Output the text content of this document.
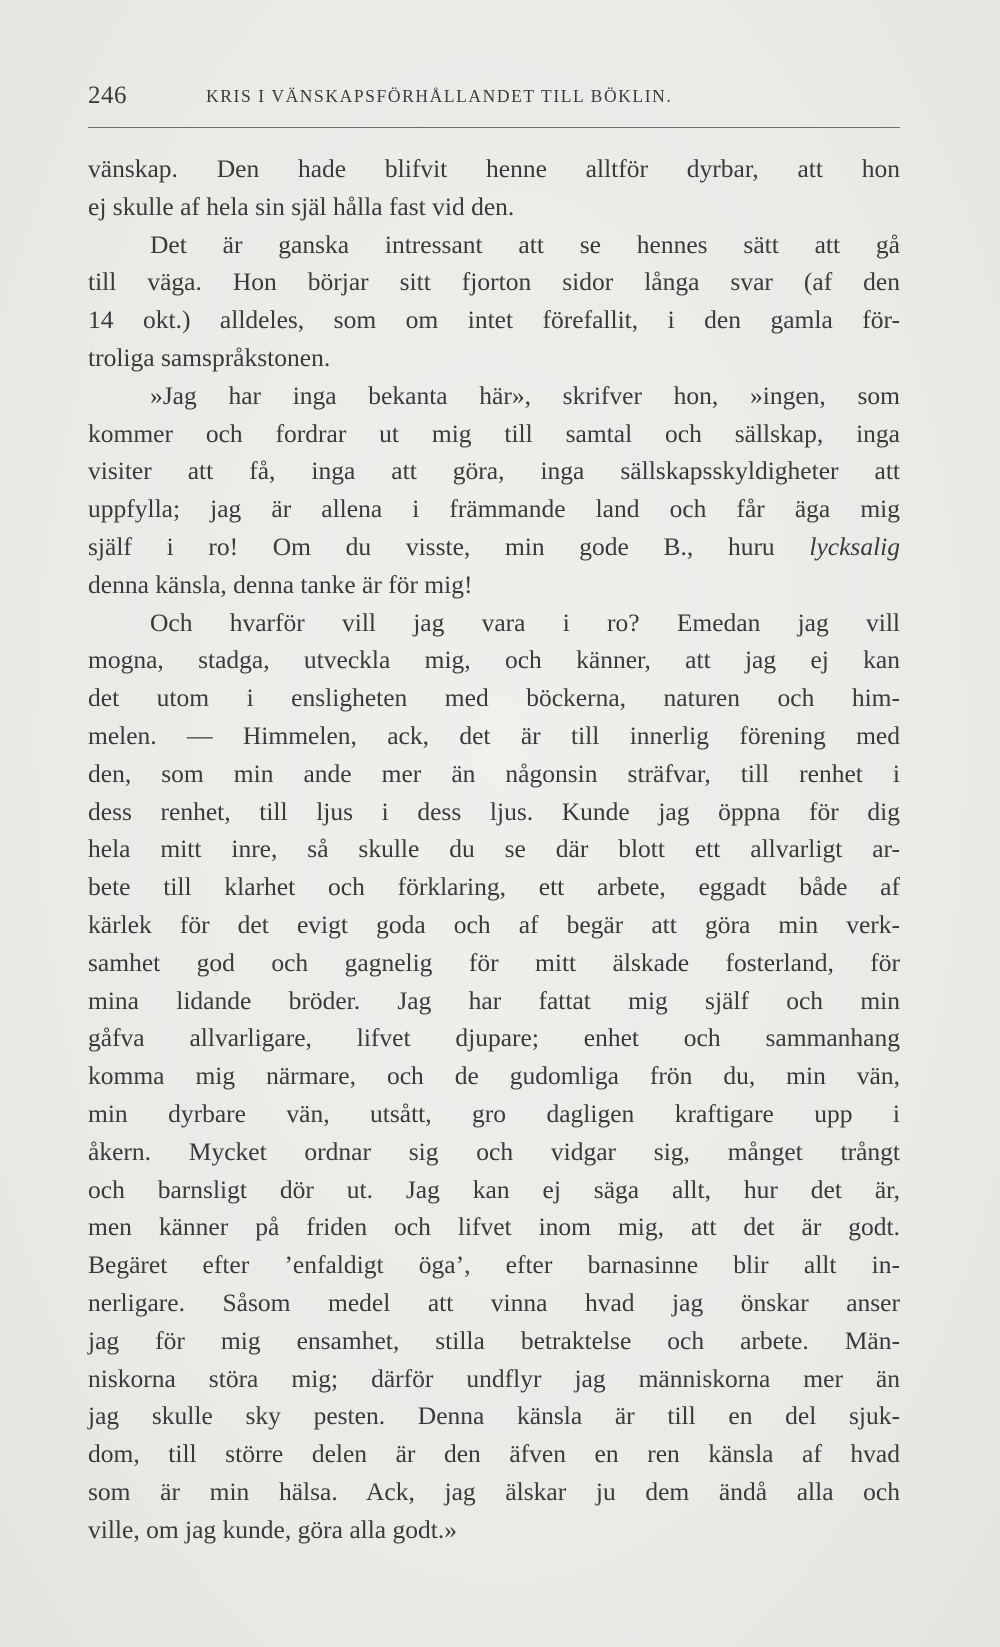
246	KRIS I VÄNSKAPSFÖRHÅLLANDET TILL BÖKLIN.
vänskap. Den hade blifvit henne alltför dyrbar, att hon
ej skulle af hela sin själ hålla fast vid den.
Det är ganska intressant att se hennes sätt att gå
till väga. Hon börjar sitt fjorton sidor långa svar (af den
14 okt.) alldeles, som om intet förefallit, i den gamla för-
troliga samspråkstonen.
»Jag har inga bekanta här», skrifver hon, »ingen, som
kommer och fordrar ut mig till samtal och sällskap, inga
visiter att få, inga att göra, inga sällskapsskyldigheter att
uppfylla; jag är allena i främmande land och får äga mig
själf i ro! Om du visste, min gode B., huru lycksalig
denna känsla, denna tanke är för mig!
Och hvarför vill jag vara i ro? Emedan jag vill
mogna, stadga, utveckla mig, och känner, att jag ej kan
det utom i ensligheten med böckerna, naturen och him-
melen. — Himmelen, ack, det är till innerlig förening med
den, som min ande mer än någonsin sträfvar, till renhet i
dess renhet, till ljus i dess ljus. Kunde jag öppna för dig
hela mitt inre, så skulle du se där blott ett allvarligt ar-
bete till klarhet och förklaring, ett arbete, eggadt både af
kärlek för det evigt goda och af begär att göra min verk-
samhet god och gagnelig för mitt älskade fosterland, för
mina lidande bröder. Jag har fattat mig själf och min
gåfva allvarligare, lifvet djupare; enhet och sammanhang
komma mig närmare, och de gudomliga frön du, min vän,
min dyrbare vän, utsått, gro dagligen kraftigare upp i
åkern. Mycket ordnar sig och vidgar sig, månget trångt
och barnsligt dör ut. Jag kan ej säga allt, hur det är,
men känner på friden och lifvet inom mig, att det är godt.
Begäret efter ’enfaldigt öga’, efter barnasinne blir allt in-
nerligare. Såsom medel att vinna hvad jag önskar anser
jag för mig ensamhet, stilla betraktelse och arbete. Män-
niskorna störa mig; därför undflyr jag människorna mer än
jag skulle sky pesten. Denna känsla är till en del sjuk-
dom, till större delen är den äfven en ren känsla af hvad
som är min hälsa. Ack, jag älskar ju dem ändå alla och
ville, om jag kunde, göra alla godt.»
